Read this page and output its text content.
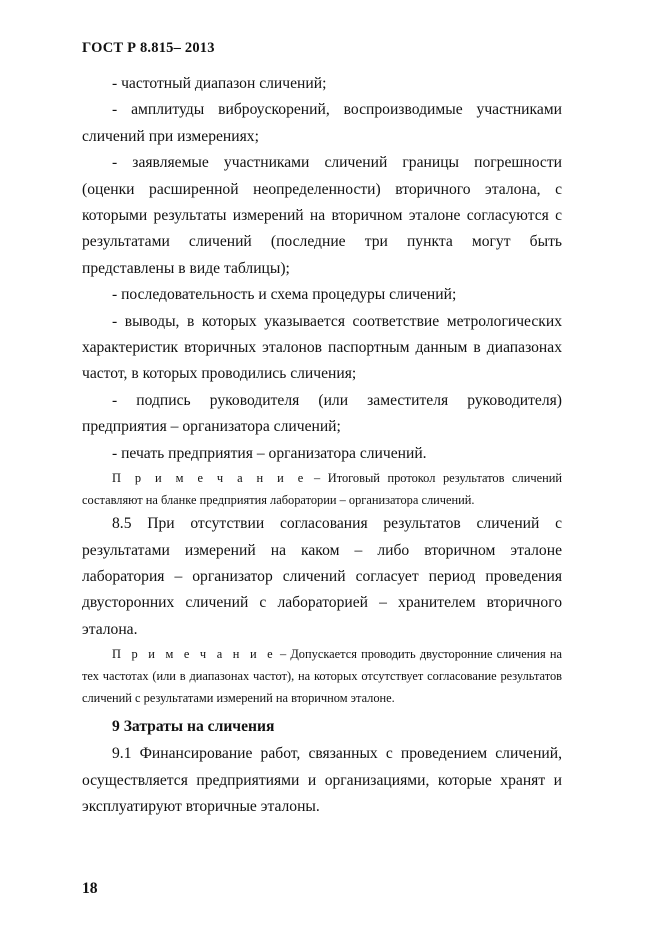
ГОСТ Р 8.815– 2013

- частотный диапазон сличений;

- амплитуды виброускорений, воспроизводимые участниками сличений при измерениях;

- заявляемые участниками сличений границы погрешности (оценки расширенной неопределенности) вторичного эталона, с которыми результаты измерений на вторичном эталоне согласуются с результатами сличений (последние три пункта могут быть представлены в виде таблицы);

- последовательность и схема процедуры сличений;

- выводы, в которых указывается соответствие метрологических характеристик вторичных эталонов паспортным данным в диапазонах частот, в которых проводились сличения;

- подпись руководителя (или заместителя руководителя) предприятия – организатора сличений;

- печать предприятия – организатора сличений.

П р и м е ч а н и е – Итоговый протокол результатов сличений составляют на бланке предприятия лаборатории – организатора сличений.

8.5 При отсутствии согласования результатов сличений с результатами измерений на каком – либо вторичном эталоне лаборатория – организатор сличений согласует период проведения двусторонних сличений с лабораторией – хранителем вторичного эталона.

П р и м е ч а н и е – Допускается проводить двусторонние сличения на тех частотах (или в диапазонах частот), на которых отсутствует согласование результатов сличений с результатами измерений на вторичном эталоне.

9 Затраты на сличения

9.1 Финансирование работ, связанных с проведением сличений, осуществляется предприятиями и организациями, которые хранят и эксплуатируют вторичные эталоны.

18
